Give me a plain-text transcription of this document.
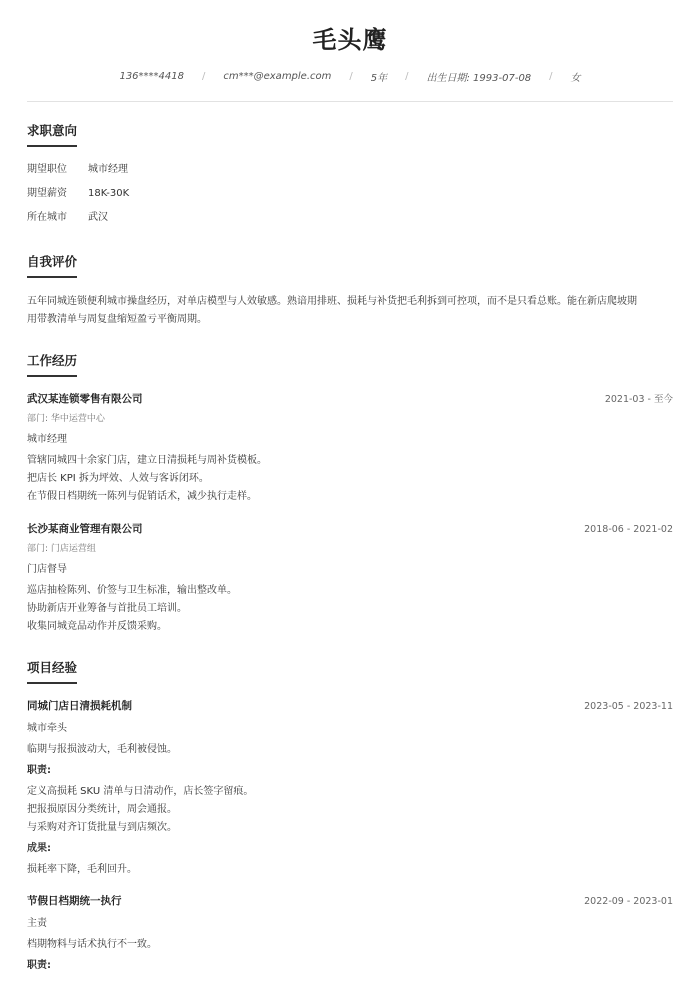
毛头鹰
136****4418 / cm***@example.com / 5年 / 出生日期: 1993-07-08 / 女
求职意向
期望职位	城市经理
期望薪资	18K-30K
所在城市	武汉
自我评价
五年同城连锁便利城市操盘经历，对单店模型与人效敏感。熟谙用排班、损耗与补货把毛利拆到可控项，而不是只看总账。能在新店爬坡期
用带教清单与周复盘缩短盈亏平衡周期。
工作经历
武汉某连锁零售有限公司	2021-03 - 至今
部门: 华中运营中心
城市经理
管辖同城四十余家门店，建立日清损耗与周补货模板。
把店长 KPI 拆为坪效、人效与客诉闭环。
在节假日档期统一陈列与促销话术，减少执行走样。
长沙某商业管理有限公司	2018-06 - 2021-02
部门: 门店运营组
门店督导
巡店抽检陈列、价签与卫生标准，输出整改单。
协助新店开业筹备与首批员工培训。
收集同城竞品动作并反馈采购。
项目经验
同城门店日清损耗机制	2023-05 - 2023-11
城市牵头
临期与报损波动大，毛利被侵蚀。
职责:
定义高损耗 SKU 清单与日清动作，店长签字留痕。
把报损原因分类统计，周会通报。
与采购对齐订货批量与到店频次。
成果:
损耗率下降，毛利回升。
节假日档期统一执行	2022-09 - 2023-01
主责
档期物料与话术执行不一致。
职责:
